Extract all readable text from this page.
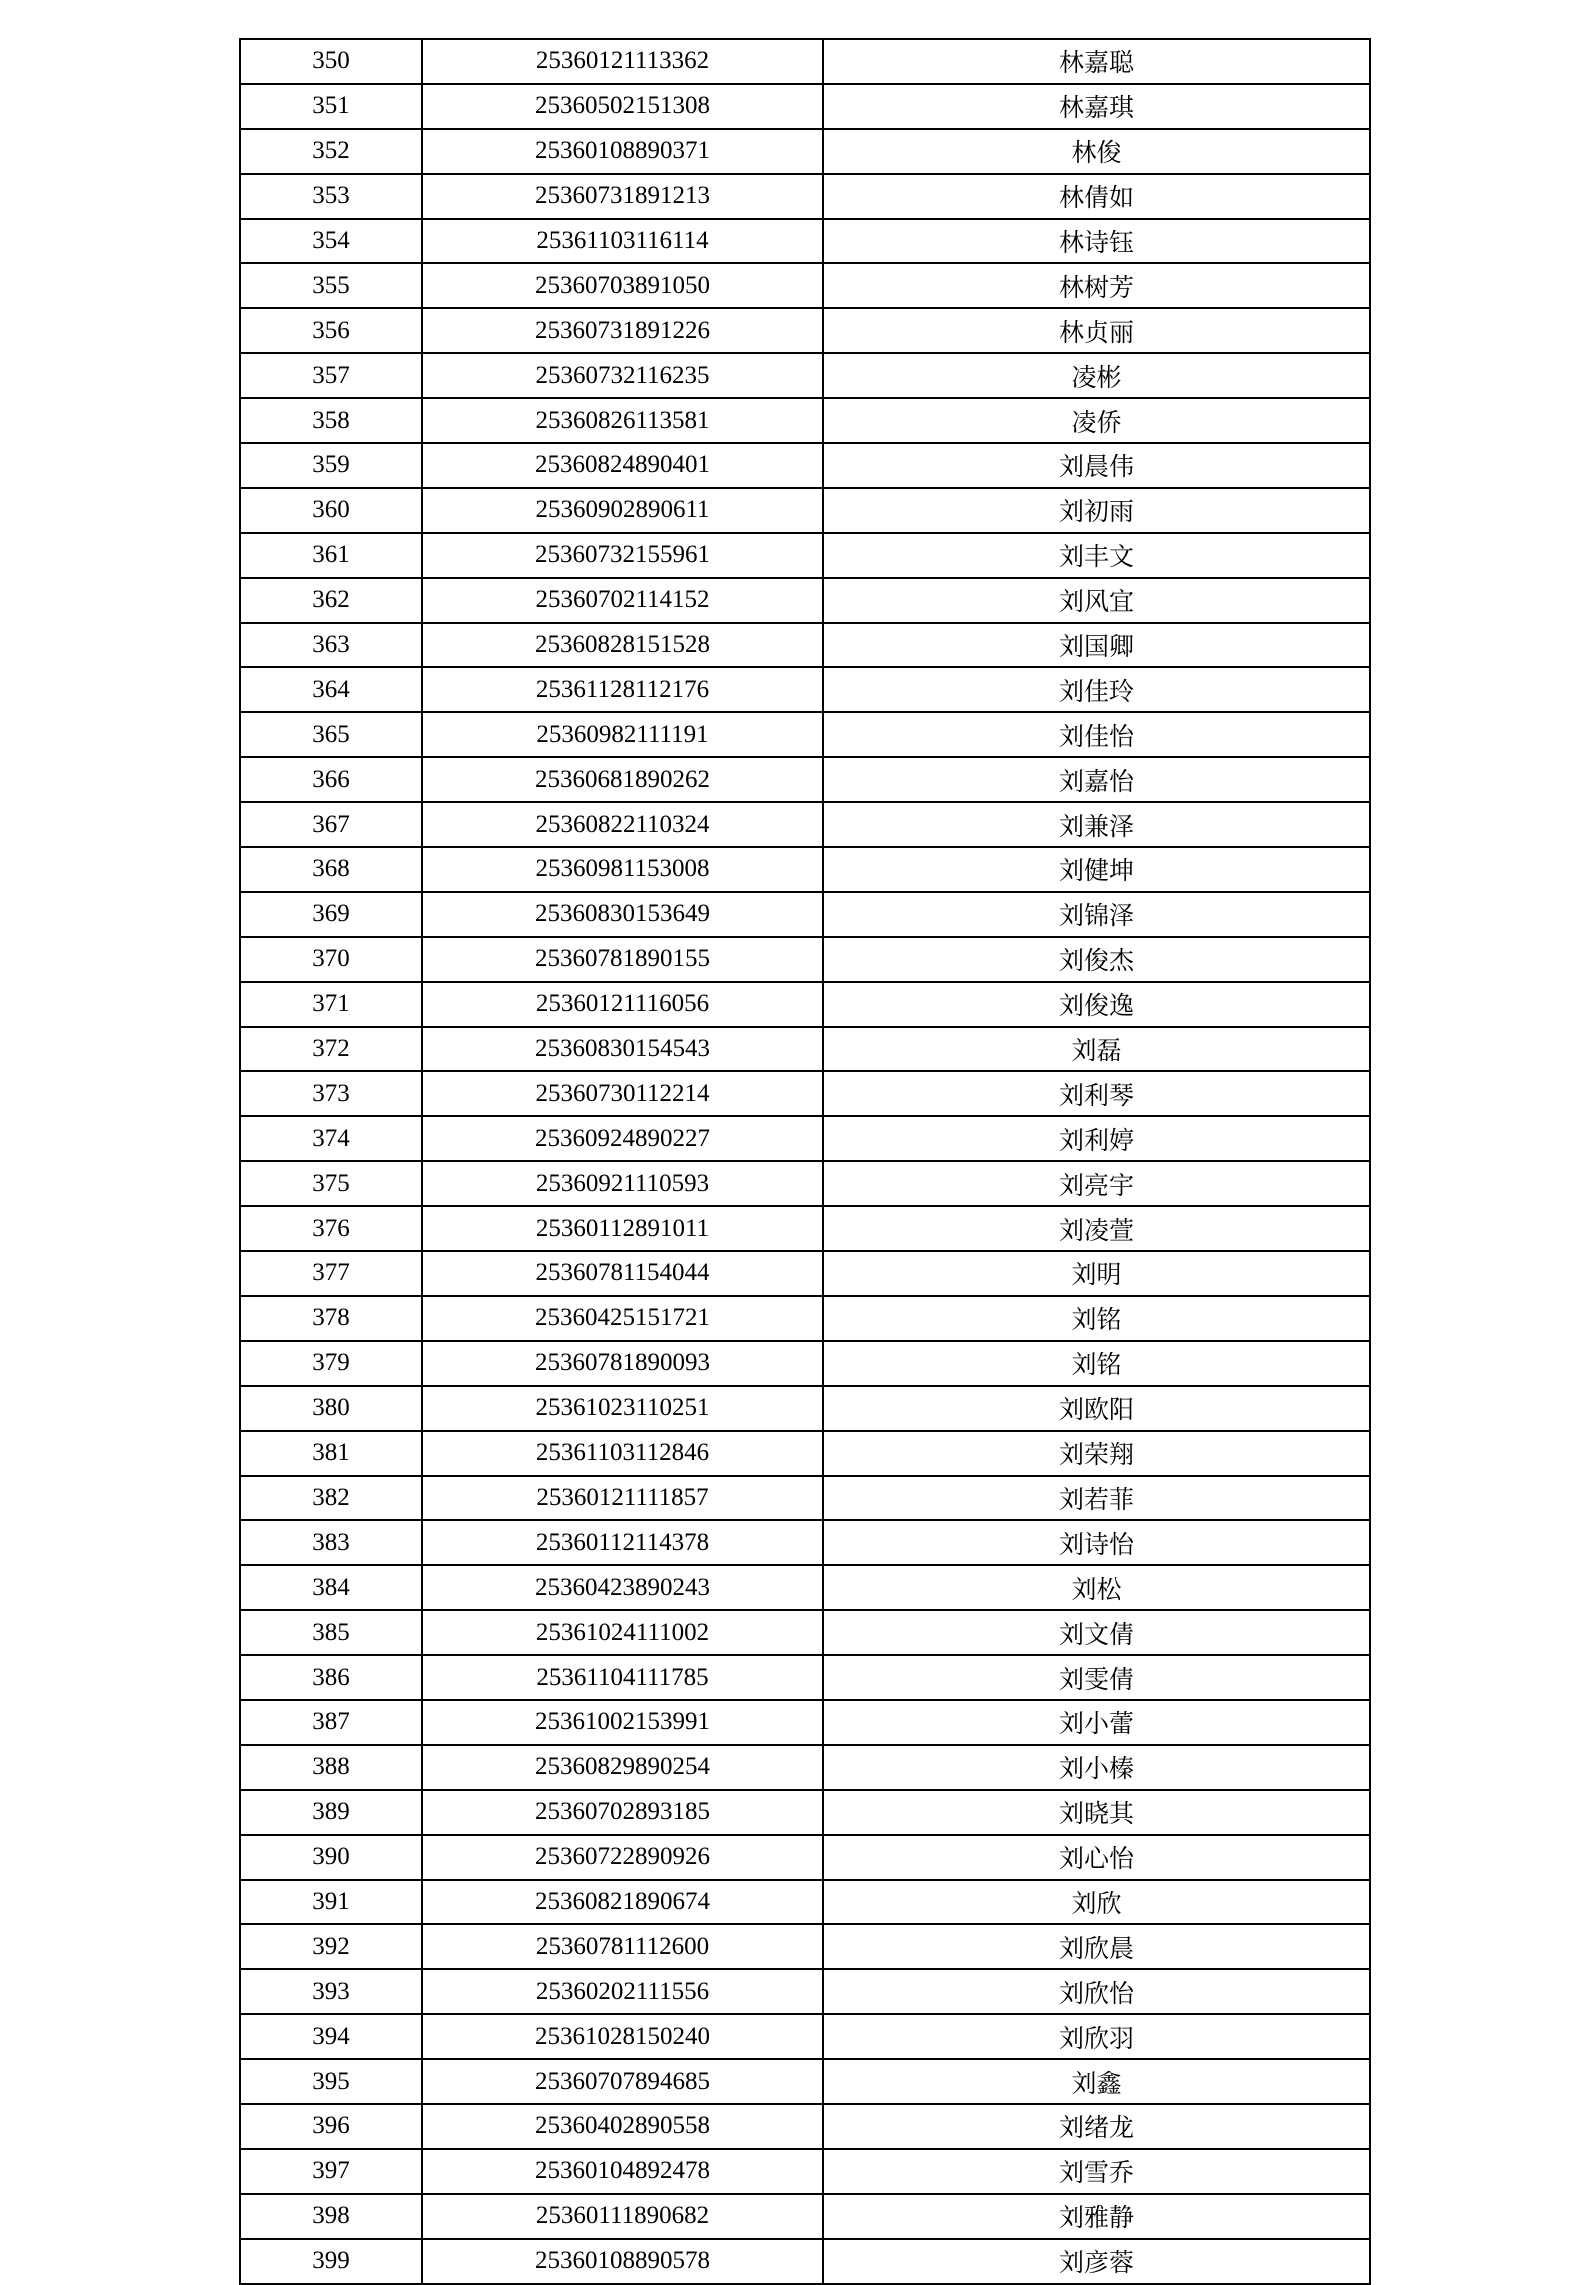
350	25360121113362	林嘉聪
351	25360502151308	林嘉琪
352	25360108890371	林俊
353	25360731891213	林倩如
354	25361103116114	林诗钰
355	25360703891050	林树芳
356	25360731891226	林贞丽
357	25360732116235	凌彬
358	25360826113581	凌侨
359	25360824890401	刘晨伟
360	25360902890611	刘初雨
361	25360732155961	刘丰文
362	25360702114152	刘风宜
363	25360828151528	刘国卿
364	25361128112176	刘佳玲
365	25360982111191	刘佳怡
366	25360681890262	刘嘉怡
367	25360822110324	刘兼泽
368	25360981153008	刘健坤
369	25360830153649	刘锦泽
370	25360781890155	刘俊杰
371	25360121116056	刘俊逸
372	25360830154543	刘磊
373	25360730112214	刘利琴
374	25360924890227	刘利婷
375	25360921110593	刘亮宇
376	25360112891011	刘凌萱
377	25360781154044	刘明
378	25360425151721	刘铭
379	25360781890093	刘铭
380	25361023110251	刘欧阳
381	25361103112846	刘荣翔
382	25360121111857	刘若菲
383	25360112114378	刘诗怡
384	25360423890243	刘松
385	25361024111002	刘文倩
386	25361104111785	刘雯倩
387	25361002153991	刘小蕾
388	25360829890254	刘小榛
389	25360702893185	刘晓其
390	25360722890926	刘心怡
391	25360821890674	刘欣
392	25360781112600	刘欣晨
393	25360202111556	刘欣怡
394	25361028150240	刘欣羽
395	25360707894685	刘鑫
396	25360402890558	刘绪龙
397	25360104892478	刘雪乔
398	25360111890682	刘雅静
399	25360108890578	刘彦蓉
